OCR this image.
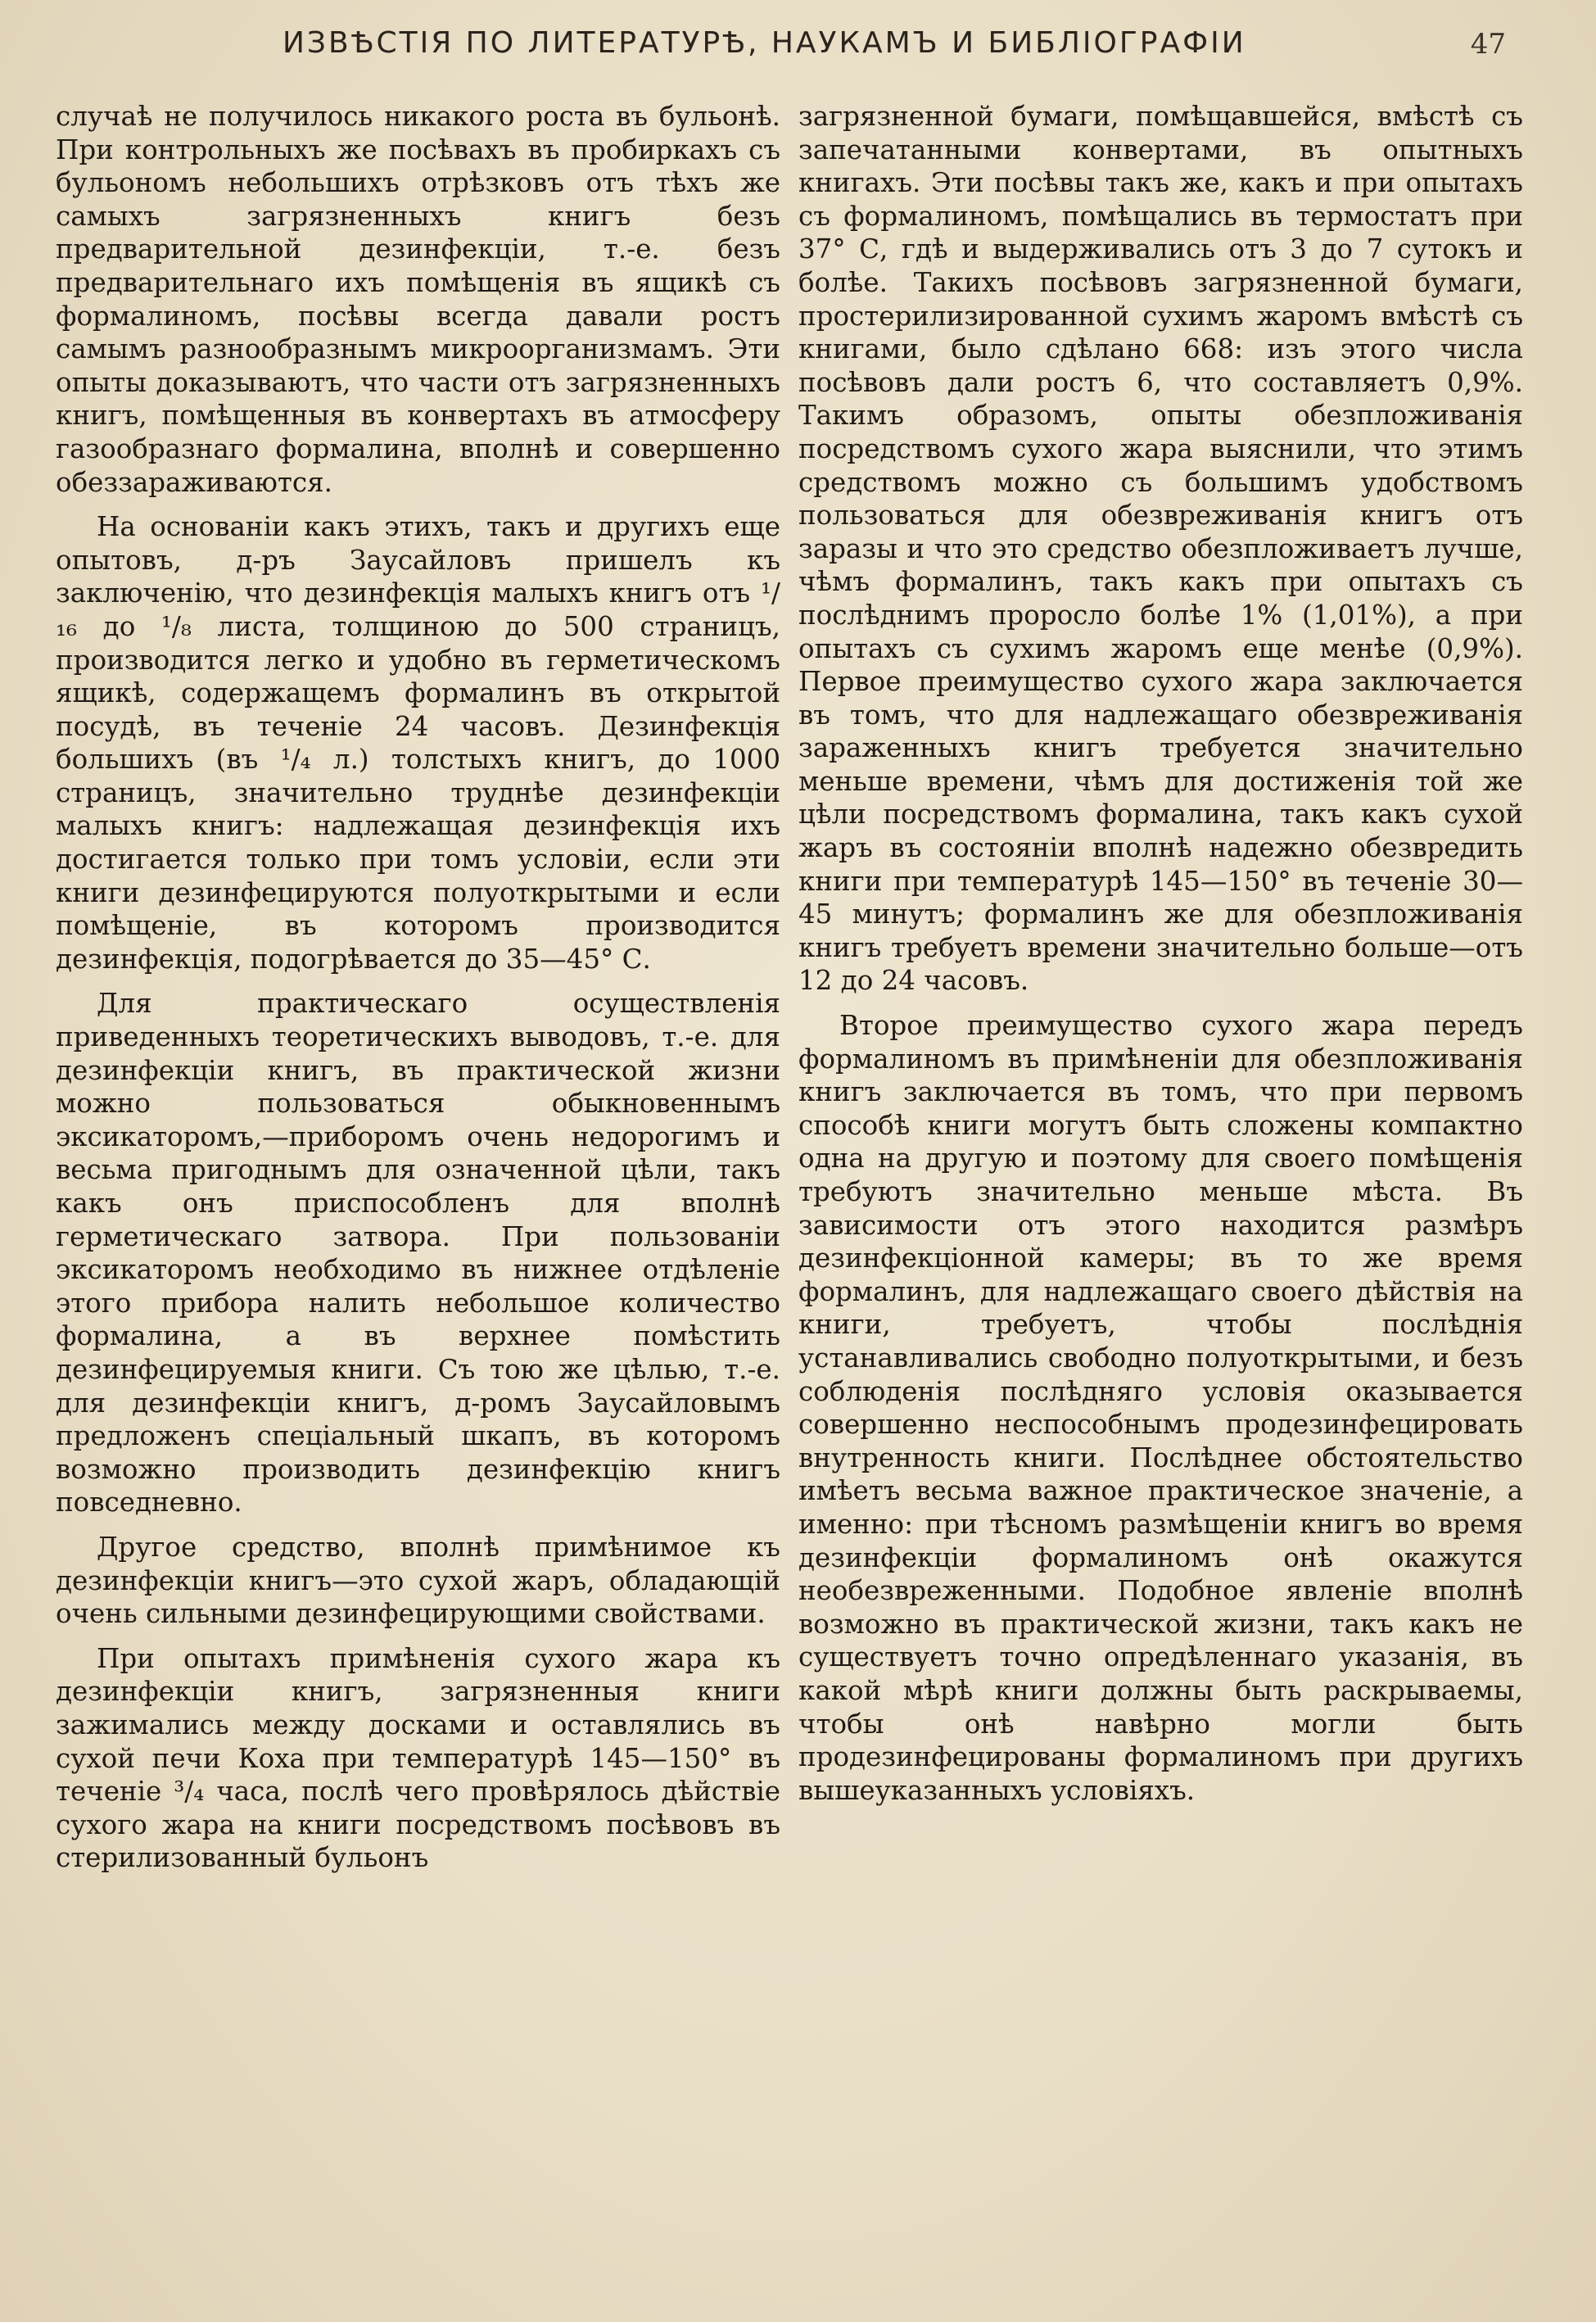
ИЗВѢСТІЯ ПО ЛИТЕРАТУРѢ, НАУКАМЪ И БИБЛІОГРАФІИ	47

случаѣ не получилось никакого роста въ бульонѣ. При контрольныхъ же посѣвахъ въ пробиркахъ съ бульономъ небольшихъ отрѣзковъ отъ тѣхъ же самыхъ загрязненныхъ книгъ безъ предварительной дезинфекціи, т.-е. безъ предварительнаго ихъ помѣщенія въ ящикѣ съ формалиномъ, посѣвы всегда давали ростъ самымъ разнообразнымъ микроорганизмамъ. Эти опыты доказываютъ, что части отъ загрязненныхъ книгъ, помѣщенныя въ конвертахъ въ атмосферу газообразнаго формалина, вполнѣ и совершенно обеззараживаются.

На основаніи какъ этихъ, такъ и другихъ еще опытовъ, д-ръ Заусайловъ пришелъ къ заключенію, что дезинфекція малыхъ книгъ отъ ¹/₁₆ до ¹/₈ листа, толщиною до 500 страницъ, производится легко и удобно въ герметическомъ ящикѣ, содержащемъ формалинъ въ открытой посудѣ, въ теченіе 24 часовъ. Дезинфекція большихъ (въ ¹/₄ л.) толстыхъ книгъ, до 1000 страницъ, значительно труднѣе дезинфекціи малыхъ книгъ: надлежащая дезинфекція ихъ достигается только при томъ условіи, если эти книги дезинфецируются полуоткрытыми и если помѣщеніе, въ которомъ производится дезинфекція, подогрѣвается до 35—45° С.

Для практическаго осуществленія приведенныхъ теоретическихъ выводовъ, т.-е. для дезинфекціи книгъ, въ практической жизни можно пользоваться обыкновеннымъ эксикаторомъ,—приборомъ очень недорогимъ и весьма пригоднымъ для означенной цѣли, такъ какъ онъ приспособленъ для вполнѣ герметическаго затвора. При пользованіи эксикаторомъ необходимо въ нижнее отдѣленіе этого прибора налить небольшое количество формалина, а въ верхнее помѣстить дезинфецируемыя книги. Съ тою же цѣлью, т.-е. для дезинфекціи книгъ, д-ромъ Заусайловымъ предложенъ спеціальный шкапъ, въ которомъ возможно производить дезинфекцію книгъ повседневно.

Другое средство, вполнѣ примѣнимое къ дезинфекціи книгъ—это сухой жаръ, обладающій очень сильными дезинфецирующими свойствами.

При опытахъ примѣненія сухого жара къ дезинфекціи книгъ, загрязненныя книги зажимались между досками и оставлялись въ сухой печи Коха при температурѣ 145—150° въ теченіе ³/₄ часа, послѣ чего провѣрялось дѣйствіе сухого жара на книги посредствомъ посѣвовъ въ стерилизованный бульонъ

загрязненной бумаги, помѣщавшейся, вмѣстѣ съ запечатанными конвертами, въ опытныхъ книгахъ. Эти посѣвы такъ же, какъ и при опытахъ съ формалиномъ, помѣщались въ термостатъ при 37° С, гдѣ и выдерживались отъ 3 до 7 сутокъ и болѣе. Такихъ посѣвовъ загрязненной бумаги, простерилизированной сухимъ жаромъ вмѣстѣ съ книгами, было сдѣлано 668: изъ этого числа посѣвовъ дали ростъ 6, что составляетъ 0,9%. Такимъ образомъ, опыты обезпложиванія посредствомъ сухого жара выяснили, что этимъ средствомъ можно съ большимъ удобствомъ пользоваться для обезвреживанія книгъ отъ заразы и что это средство обезпложиваетъ лучше, чѣмъ формалинъ, такъ какъ при опытахъ съ послѣднимъ проросло болѣе 1% (1,01%), а при опытахъ съ сухимъ жаромъ еще менѣе (0,9%). Первое преимущество сухого жара заключается въ томъ, что для надлежащаго обезвреживанія зараженныхъ книгъ требуется значительно меньше времени, чѣмъ для достиженія той же цѣли посредствомъ формалина, такъ какъ сухой жаръ въ состояніи вполнѣ надежно обезвредить книги при температурѣ 145—150° въ теченіе 30—45 минутъ; формалинъ же для обезпложиванія книгъ требуетъ времени значительно больше—отъ 12 до 24 часовъ.

Второе преимущество сухого жара передъ формалиномъ въ примѣненіи для обезпложиванія книгъ заключается въ томъ, что при первомъ способѣ книги могутъ быть сложены компактно одна на другую и поэтому для своего помѣщенія требуютъ значительно меньше мѣста. Въ зависимости отъ этого находится размѣръ дезинфекціонной камеры; въ то же время формалинъ, для надлежащаго своего дѣйствія на книги, требуетъ, чтобы послѣднія устанавливались свободно полуоткрытыми, и безъ соблюденія послѣдняго условія оказывается совершенно неспособнымъ продезинфецировать внутренность книги. Послѣднее обстоятельство имѣетъ весьма важное практическое значеніе, а именно: при тѣсномъ размѣщеніи книгъ во время дезинфекціи формалиномъ онѣ окажутся необезвреженными. Подобное явленіе вполнѣ возможно въ практической жизни, такъ какъ не существуетъ точно опредѣленнаго указанія, въ какой мѣрѣ книги должны быть раскрываемы, чтобы онѣ навѣрно могли быть продезинфецированы формалиномъ при другихъ вышеуказанныхъ условіяхъ.
